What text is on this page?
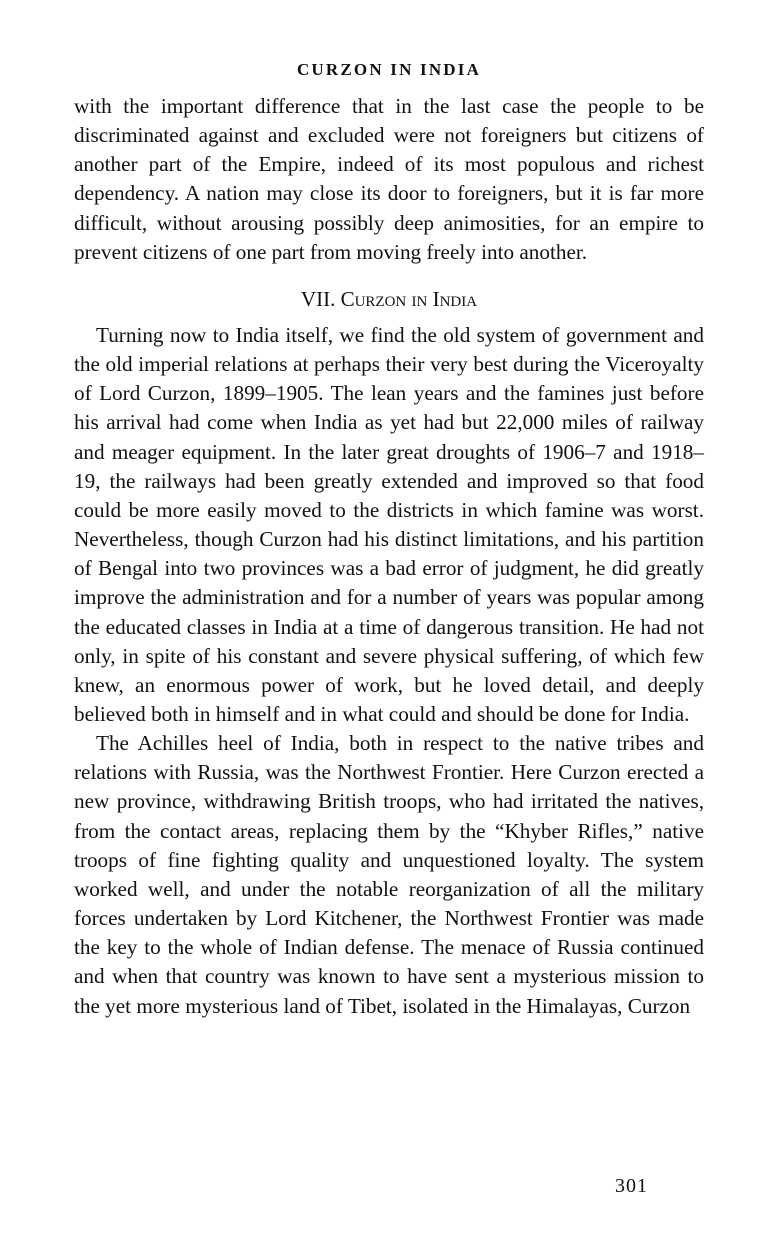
CURZON IN INDIA

with the important difference that in the last case the people to be discriminated against and excluded were not foreigners but citizens of another part of the Empire, indeed of its most populous and richest dependency. A nation may close its door to foreigners, but it is far more difficult, without arousing possibly deep animosities, for an empire to prevent citizens of one part from moving freely into another.

VII. Curzon in India

Turning now to India itself, we find the old system of government and the old imperial relations at perhaps their very best during the Viceroyalty of Lord Curzon, 1899–1905. The lean years and the famines just before his arrival had come when India as yet had but 22,000 miles of railway and meager equipment. In the later great droughts of 1906–7 and 1918–19, the railways had been greatly extended and improved so that food could be more easily moved to the districts in which famine was worst. Nevertheless, though Curzon had his distinct limitations, and his partition of Bengal into two provinces was a bad error of judgment, he did greatly improve the administration and for a number of years was popular among the educated classes in India at a time of dangerous transition. He had not only, in spite of his constant and severe physical suffering, of which few knew, an enormous power of work, but he loved detail, and deeply believed both in himself and in what could and should be done for India.

The Achilles heel of India, both in respect to the native tribes and relations with Russia, was the Northwest Frontier. Here Curzon erected a new province, withdrawing British troops, who had irritated the natives, from the contact areas, replacing them by the “Khyber Rifles,” native troops of fine fighting quality and unquestioned loyalty. The system worked well, and under the notable reorganization of all the military forces undertaken by Lord Kitchener, the Northwest Frontier was made the key to the whole of Indian defense. The menace of Russia continued and when that country was known to have sent a mysterious mission to the yet more mysterious land of Tibet, isolated in the Himalayas, Curzon

301
